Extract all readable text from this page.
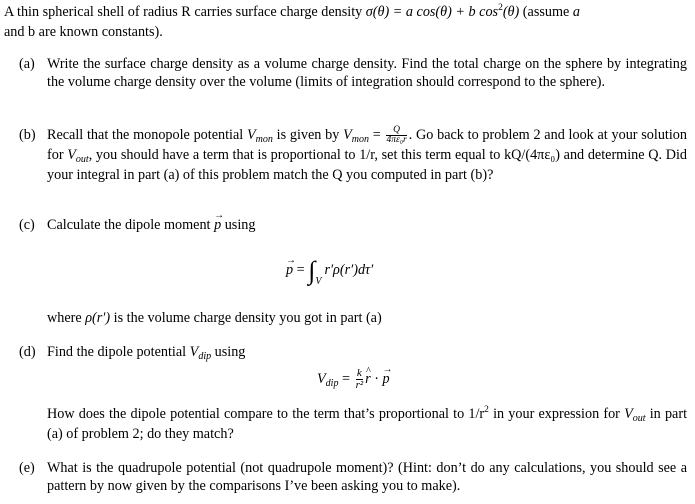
A thin spherical shell of radius R carries surface charge density σ(θ) = a cos(θ) + b $\cos^2(\theta)$ (assume a
and b are known constants).
(a) Write the surface charge density as a volume charge density. Find the total charge on the sphere by integrating the volume charge density over the volume (limits of integration should correspond to the sphere).
(b) Recall that the monopole potential $V_{mon}$ is given by $V_{mon} = \frac{Q}{\text{4πε₀r}}$ . Go back to problem 2 and look at your solution for $V_{out}$, you should have a term that is proportional to 1/r, set this term equal to kQ/(4πε₀) and determine Q. Did your integral in part (a) of this problem match the Q you computed in part (b)?
(c) Calculate the dipole moment → p using
→ $p = \int_Vr'\rho(r')d\tau'$
where ρ(r′) is the volume charge density you got in part (a)
(d) Find the dipole potential $V_{dip}$ using
$V_{dip} = \frac{k}{\text{r²}}$
^ r · → p
How does the dipole potential compare to the term that’s proportional to $1/r^2$ in your expression for $V_{out}$ in part (a) of problem 2; do they match?
(e) What is the quadrupole potential (not quadrupole moment)? (Hint: don’t do any calculations, you should see a pattern by now given by the comparisons I’ve been asking you to make).
